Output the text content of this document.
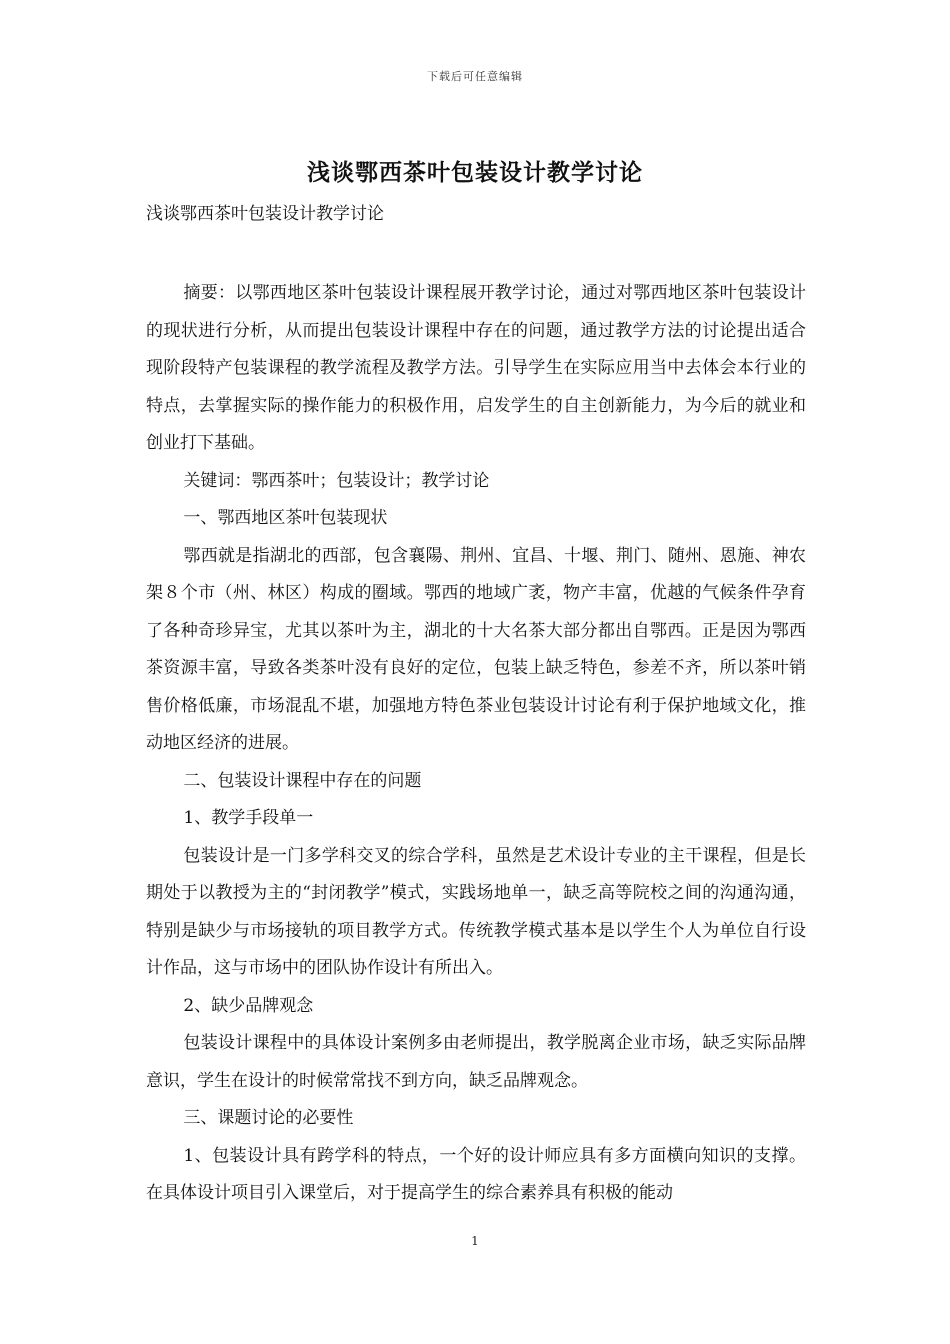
下载后可任意编辑
浅谈鄂西茶叶包装设计教学讨论
浅谈鄂西茶叶包装设计教学讨论

摘要：以鄂西地区茶叶包装设计课程展开教学讨论，通过对鄂西地区茶叶包装设计的现状进行分析，从而提出包装设计课程中存在的问题，通过教学方法的讨论提出适合现阶段特产包装课程的教学流程及教学方法。引导学生在实际应用当中去体会本行业的特点，去掌握实际的操作能力的积极作用，启发学生的自主创新能力，为今后的就业和创业打下基础。

关键词：鄂西茶叶；包装设计；教学讨论

一、鄂西地区茶叶包装现状

鄂西就是指湖北的西部，包含襄陽、荆州、宜昌、十堰、荆门、随州、恩施、神农架８个市（州、林区）构成的圈域。鄂西的地域广袤，物产丰富，优越的气候条件孕育了各种奇珍异宝，尤其以茶叶为主，湖北的十大名茶大部分都出自鄂西。正是因为鄂西茶资源丰富，导致各类茶叶没有良好的定位，包装上缺乏特色，参差不齐，所以茶叶销售价格低廉，市场混乱不堪，加强地方特色茶业包装设计讨论有利于保护地域文化，推动地区经济的进展。

二、包装设计课程中存在的问题

1、教学手段单一

包装设计是一门多学科交叉的综合学科，虽然是艺术设计专业的主干课程，但是长期处于以教授为主的“封闭教学”模式，实践场地单一，缺乏高等院校之间的沟通沟通，特别是缺少与市场接轨的项目教学方式。传统教学模式基本是以学生个人为单位自行设计作品，这与市场中的团队协作设计有所出入。

2、缺少品牌观念

包装设计课程中的具体设计案例多由老师提出，教学脱离企业市场，缺乏实际品牌意识，学生在设计的时候常常找不到方向，缺乏品牌观念。

三、课题讨论的必要性

1、包装设计具有跨学科的特点，一个好的设计师应具有多方面横向知识的支撑。在具体设计项目引入课堂后，对于提高学生的综合素养具有积极的能动

1
